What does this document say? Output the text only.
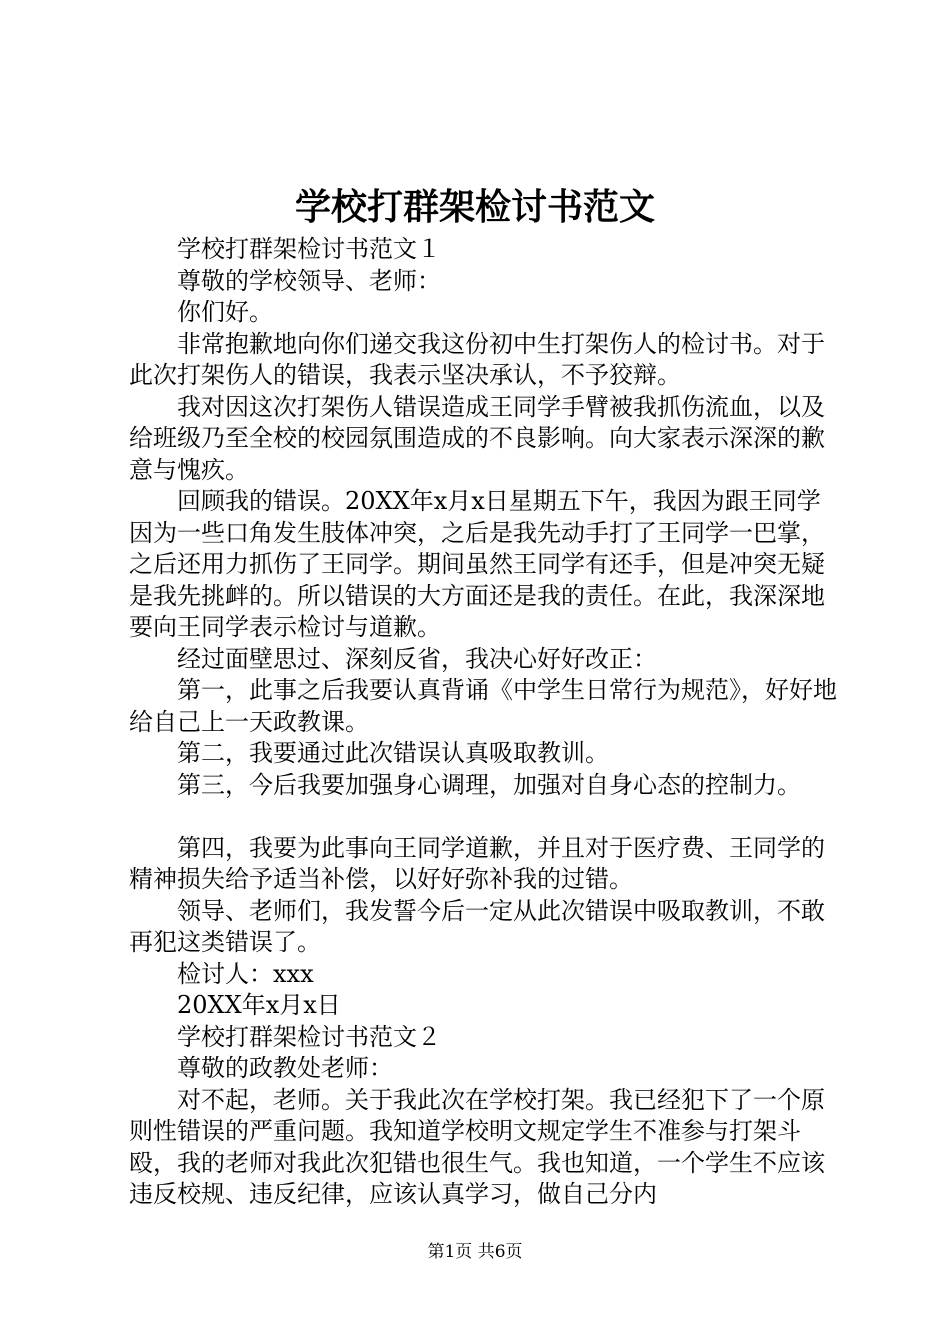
学校打群架检讨书范文

学校打群架检讨书范文１

尊敬的学校领导、老师：

你们好。

非常抱歉地向你们递交我这份初中生打架伤人的检讨书。对于此次打架伤人的错误，我表示坚决承认，不予狡辩。

我对因这次打架伤人错误造成王同学手臂被我抓伤流血，以及给班级乃至全校的校园氛围造成的不良影响。向大家表示深深的歉意与愧疚。

回顾我的错误。20XX年x月x日星期五下午，我因为跟王同学因为一些口角发生肢体冲突，之后是我先动手打了王同学一巴掌，之后还用力抓伤了王同学。期间虽然王同学有还手，但是冲突无疑是我先挑衅的。所以错误的大方面还是我的责任。在此，我深深地要向王同学表示检讨与道歉。

经过面壁思过、深刻反省，我决心好好改正：

第一，此事之后我要认真背诵《中学生日常行为规范》，好好地给自己上一天政教课。

第二，我要通过此次错误认真吸取教训。

第三，今后我要加强身心调理，加强对自身心态的控制力。

第四，我要为此事向王同学道歉，并且对于医疗费、王同学的精神损失给予适当补偿，以好好弥补我的过错。

领导、老师们，我发誓今后一定从此次错误中吸取教训，不敢再犯这类错误了。

检讨人：xxx

20XX年x月x日

学校打群架检讨书范文２

尊敬的政教处老师：

对不起，老师。关于我此次在学校打架。我已经犯下了一个原则性错误的严重问题。我知道学校明文规定学生不准参与打架斗殴，我的老师对我此次犯错也很生气。我也知道，一个学生不应该违反校规、违反纪律，应该认真学习，做自己分内

第1页 共6页
